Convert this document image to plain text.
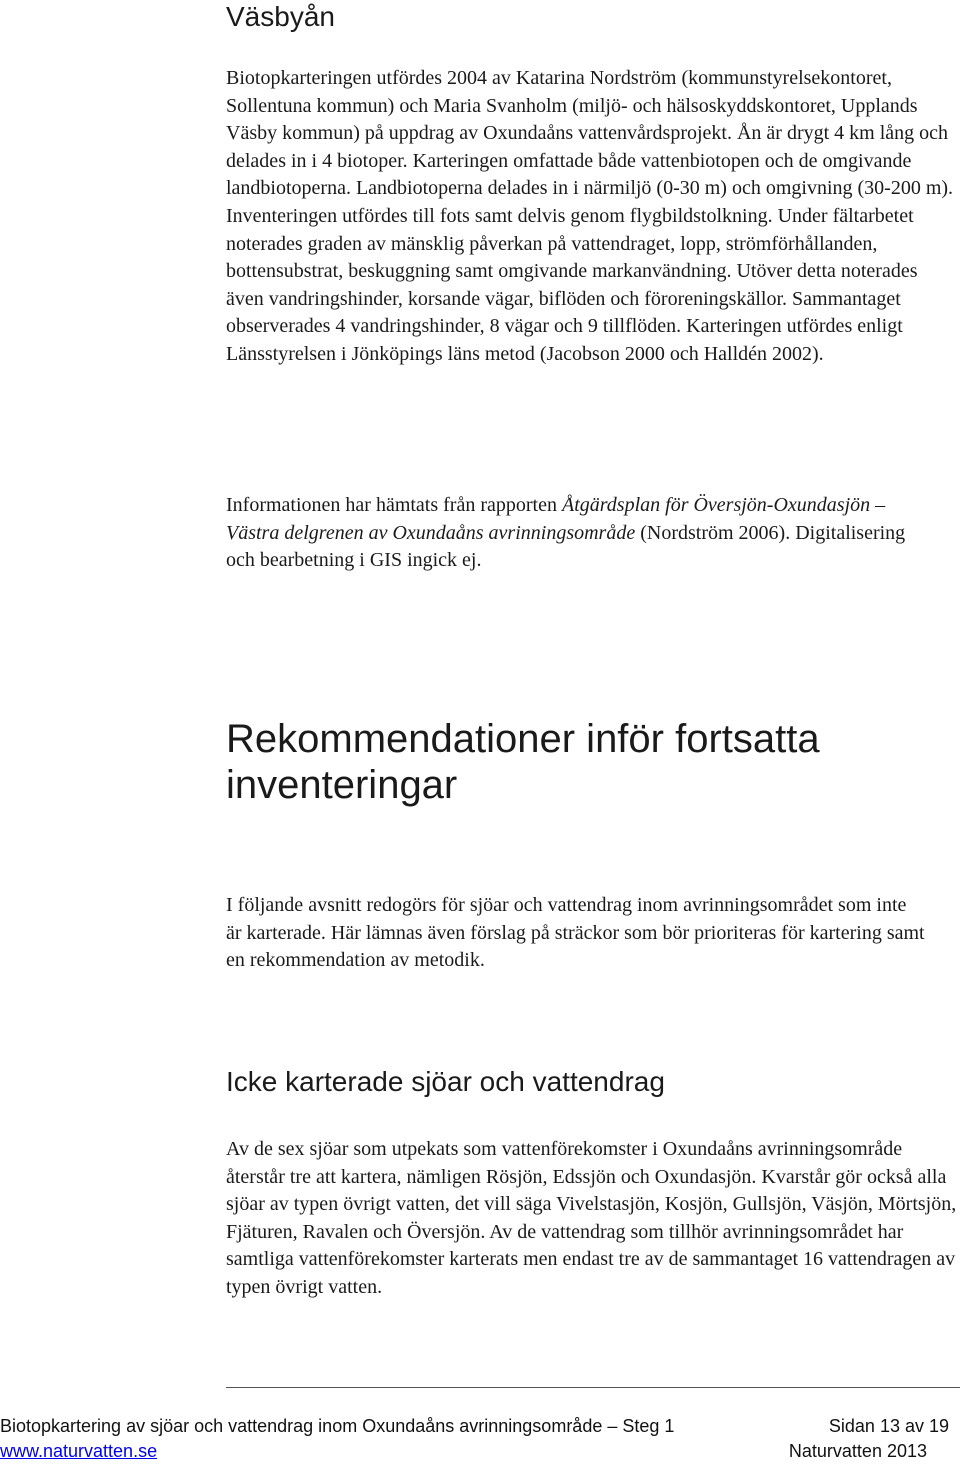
Väsbyån

Biotopkarteringen utfördes 2004 av Katarina Nordström (kommunstyrelsekontoret, Sollentuna kommun) och Maria Svanholm (miljö- och hälsoskyddskontoret, Upplands Väsby kommun) på uppdrag av Oxundaåns vattenvårdsprojekt. Ån är drygt 4 km lång och delades in i 4 biotoper. Karteringen omfattade både vattenbiotopen och de omgivande landbiotoperna. Landbiotoperna delades in i närmiljö (0-30 m) och omgivning (30-200 m). Inventeringen utfördes till fots samt delvis genom flygbildstolkning. Under fältarbetet noterades graden av mänsklig påverkan på vattendraget, lopp, strömförhållanden, bottensubstrat, beskuggning samt omgivande markanvändning. Utöver detta noterades även vandringshinder, korsande vägar, biflöden och föroreningskällor. Sammantaget observerades 4 vandringshinder, 8 vägar och 9 tillflöden. Karteringen utfördes enligt Länsstyrelsen i Jönköpings läns metod (Jacobson 2000 och Halldén 2002).

Informationen har hämtats från rapporten Åtgärdsplan för Översjön-Oxundasjön – Västra delgrenen av Oxundaåns avrinningsområde (Nordström 2006). Digitalisering och bearbetning i GIS ingick ej.

Rekommendationer inför fortsatta inventeringar

I följande avsnitt redogörs för sjöar och vattendrag inom avrinningsområdet som inte är karterade. Här lämnas även förslag på sträckor som bör prioriteras för kartering samt en rekommendation av metodik.

Icke karterade sjöar och vattendrag

Av de sex sjöar som utpekats som vattenförekomster i Oxundaåns avrinningsområde återstår tre att kartera, nämligen Rösjön, Edssjön och Oxundasjön. Kvarstår gör också alla sjöar av typen övrigt vatten, det vill säga Vivelstasjön, Kosjön, Gullsjön, Väsjön, Mörtsjön, Fjäturen, Ravalen och Översjön. Av de vattendrag som tillhör avrinningsområdet har samtliga vattenförekomster karterats men endast tre av de sammantaget 16 vattendragen av typen övrigt vatten.

Biotopkartering av sjöar och vattendrag inom Oxundaåns avrinningsområde – Steg 1	Sidan 13 av 19
www.naturvatten.se	Naturvatten 2013
